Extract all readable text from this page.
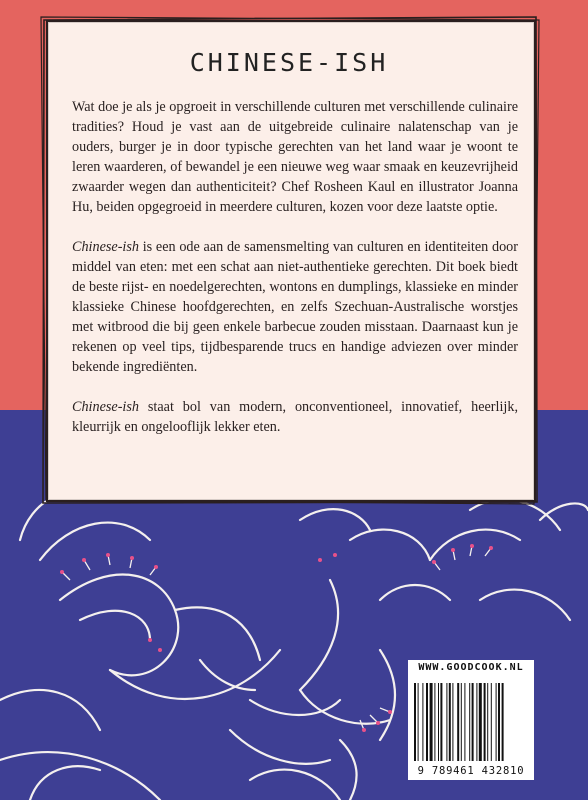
CHINESE-ISH

Wat doe je als je opgroeit in verschillende culturen met verschillende culinaire tradities? Houd je vast aan de uitgebreide culinaire nalatenschap van je ouders, burger je in door typische gerechten van het land waar je woont te leren waarderen, of bewandel je een nieuwe weg waar smaak en keuzevrijheid zwaarder wegen dan authenticiteit? Chef Rosheen Kaul en illustrator Joanna Hu, beiden opgegroeid in meerdere culturen, kozen voor deze laatste optie.

Chinese-ish is een ode aan de samensmelting van culturen en identiteiten door middel van eten: met een schat aan niet-authentieke gerechten. Dit boek biedt de beste rijst- en noedelgerechten, wontons en dumplings, klassieke en minder klassieke Chinese hoofdgerechten, en zelfs Szechuan-Australische worstjes met witbrood die bij geen enkele barbecue zouden misstaan. Daarnaast kun je rekenen op veel tips, tijdbesparende trucs en handige adviezen over minder bekende ingrediënten.

Chinese-ish staat bol van modern, onconventioneel, innovatief, heerlijk, kleurrijk en ongelooflijk lekker eten.

WWW.GOODCOOK.NL
9 789461 432810
